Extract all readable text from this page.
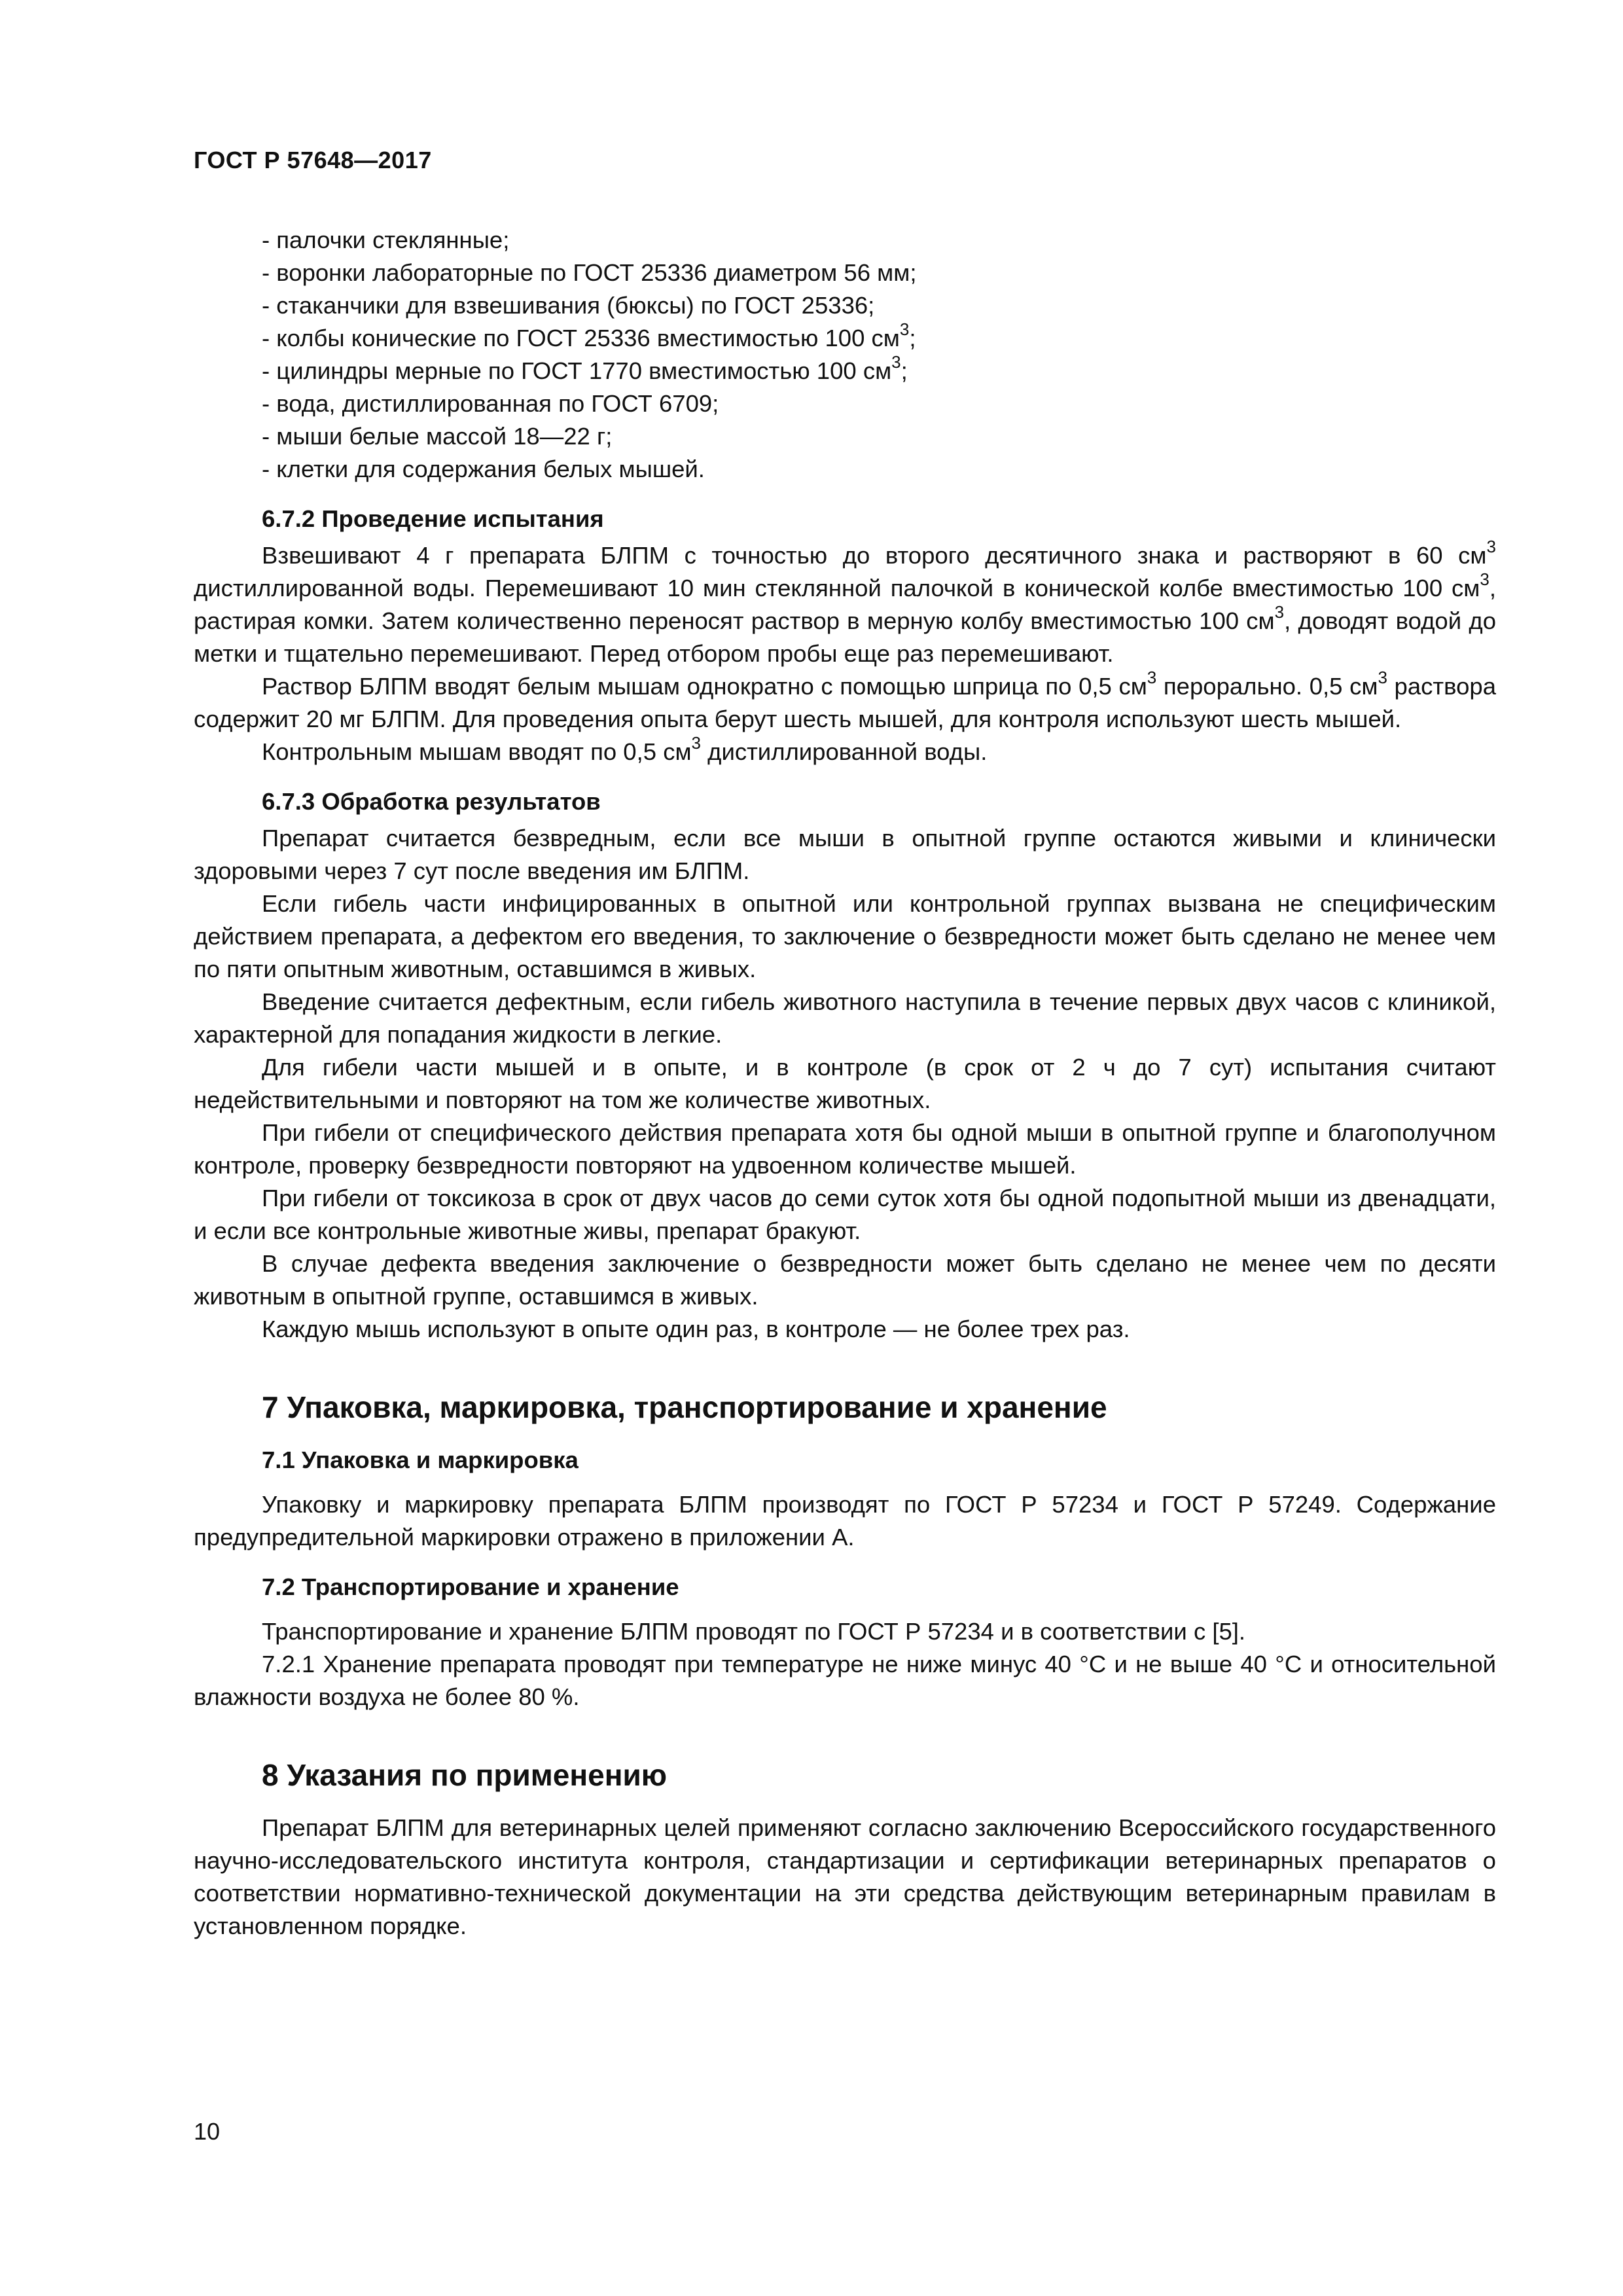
ГОСТ Р 57648—2017

- палочки стеклянные;

- воронки лабораторные по ГОСТ 25336 диаметром 56 мм;

- стаканчики для взвешивания (бюксы) по ГОСТ 25336;

- колбы конические по ГОСТ 25336 вместимостью 100 $см^3$;

- цилиндры мерные по ГОСТ 1770 вместимостью 100 $см^3$;

- вода, дистиллированная по ГОСТ 6709;

- мыши белые массой 18—22 г;

- клетки для содержания белых мышей.

6.7.2 Проведение испытания

Взвешивают 4 г препарата БЛПМ с точностью до второго десятичного знака и растворяют в 60 $см^3$ дистиллированной воды. Перемешивают 10 мин стеклянной палочкой в конической колбе вместимостью 100 $см^3$, растирая комки. Затем количественно переносят раствор в мерную колбу вместимостью 100 $см^3$, доводят водой до метки и тщательно перемешивают. Перед отбором пробы еще раз перемешивают.

Раствор БЛПМ вводят белым мышам однократно с помощью шприца по 0,5 $см^3$ перорально. 0,5 $см^3$ раствора содержит 20 мг БЛПМ. Для проведения опыта берут шесть мышей, для контроля используют шесть мышей.

Контрольным мышам вводят по 0,5 $см^3$ дистиллированной воды.

6.7.3 Обработка результатов

Препарат считается безвредным, если все мыши в опытной группе остаются живыми и клинически здоровыми через 7 сут после введения им БЛПМ.

Если гибель части инфицированных в опытной или контрольной группах вызвана не специфическим действием препарата, а дефектом его введения, то заключение о безвредности может быть сделано не менее чем по пяти опытным животным, оставшимся в живых.

Введение считается дефектным, если гибель животного наступила в течение первых двух часов с клиникой, характерной для попадания жидкости в легкие.

Для гибели части мышей и в опыте, и в контроле (в срок от 2 ч до 7 сут) испытания считают недействительными и повторяют на том же количестве животных.

При гибели от специфического действия препарата хотя бы одной мыши в опытной группе и благополучном контроле, проверку безвредности повторяют на удвоенном количестве мышей.

При гибели от токсикоза в срок от двух часов до семи суток хотя бы одной подопытной мыши из двенадцати, и если все контрольные животные живы, препарат бракуют.

В случае дефекта введения заключение о безвредности может быть сделано не менее чем по десяти животным в опытной группе, оставшимся в живых.

Каждую мышь используют в опыте один раз, в контроле — не более трех раз.

7 Упаковка, маркировка, транспортирование и хранение
7.1 Упаковка и маркировка

Упаковку и маркировку препарата БЛПМ производят по ГОСТ Р 57234 и ГОСТ Р 57249. Содержание предупредительной маркировки отражено в приложении А.

7.2 Транспортирование и хранение

Транспортирование и хранение БЛПМ проводят по ГОСТ Р 57234 и в соответствии с [5].

7.2.1 Хранение препарата проводят при температуре не ниже минус 40 °С и не выше 40 °С и относительной влажности воздуха не более 80 %.

8 Указания по применению

Препарат БЛПМ для ветеринарных целей применяют согласно заключению Всероссийского государственного научно-исследовательского института контроля, стандартизации и сертификации ветеринарных препаратов о соответствии нормативно-технической документации на эти средства действующим ветеринарным правилам в установленном порядке.

10
